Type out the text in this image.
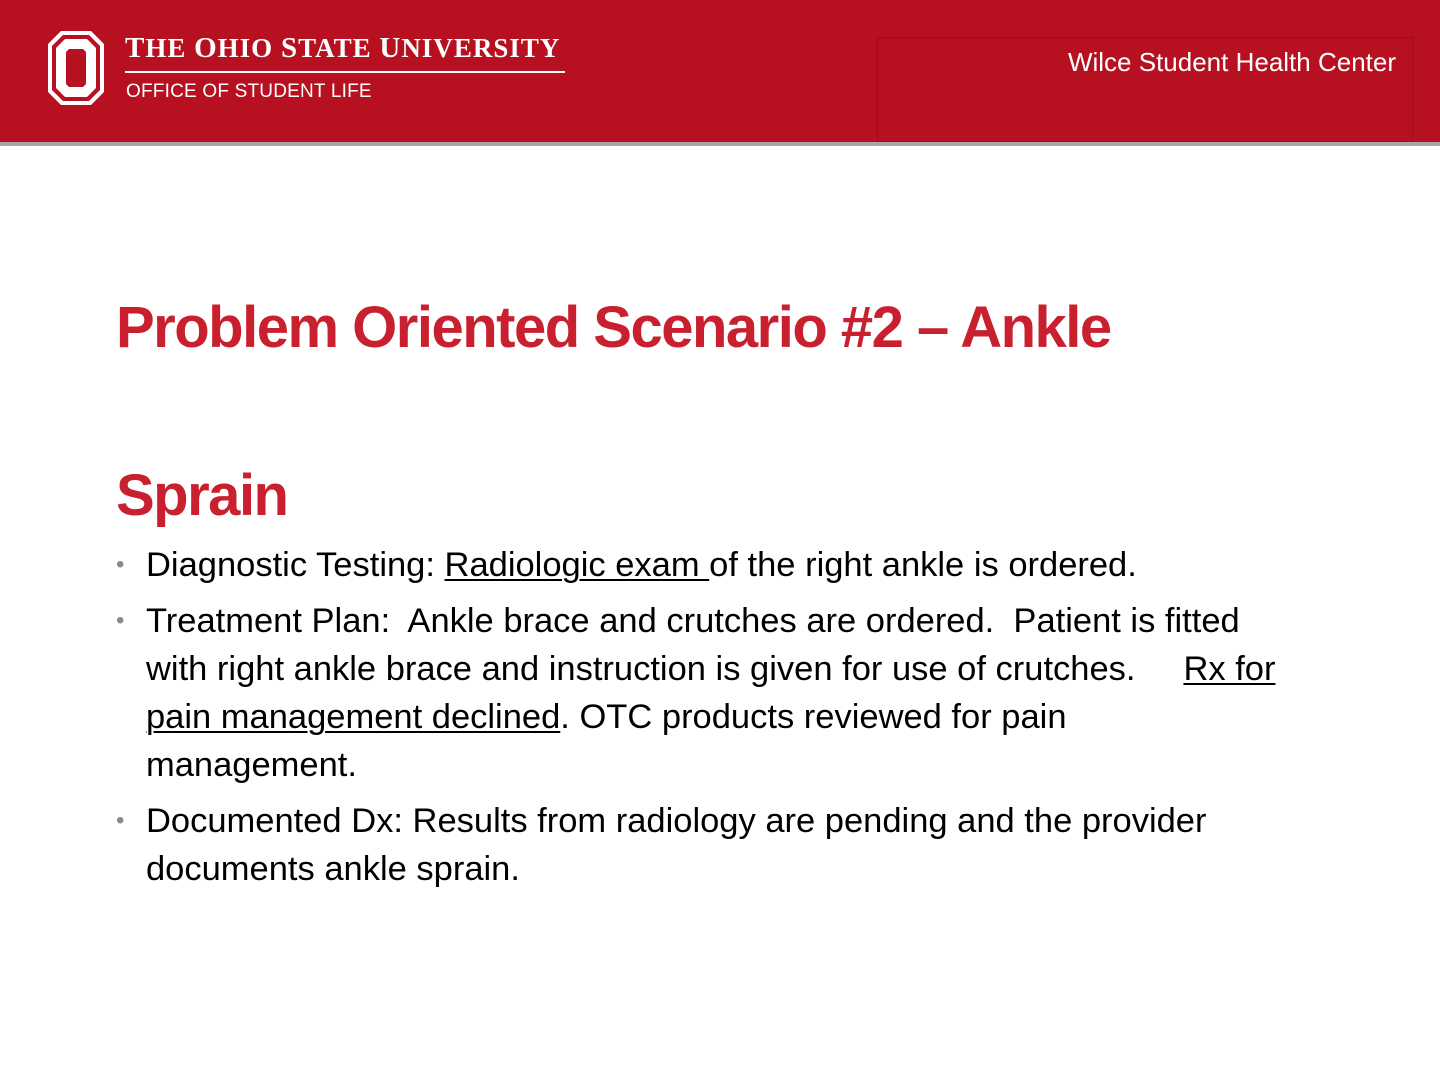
THE OHIO STATE UNIVERSITY
OFFICE OF STUDENT LIFE
Wilce Student Health Center
Problem Oriented Scenario #2 – Ankle
Sprain
• Diagnostic Testing: Radiologic exam of the right ankle is ordered.
• Treatment Plan:  Ankle brace and crutches are ordered.  Patient is fitted with right ankle brace and instruction is given for use of crutches.     Rx for pain management declined. OTC products reviewed for pain management.
• Documented Dx: Results from radiology are pending and the provider documents ankle sprain.
